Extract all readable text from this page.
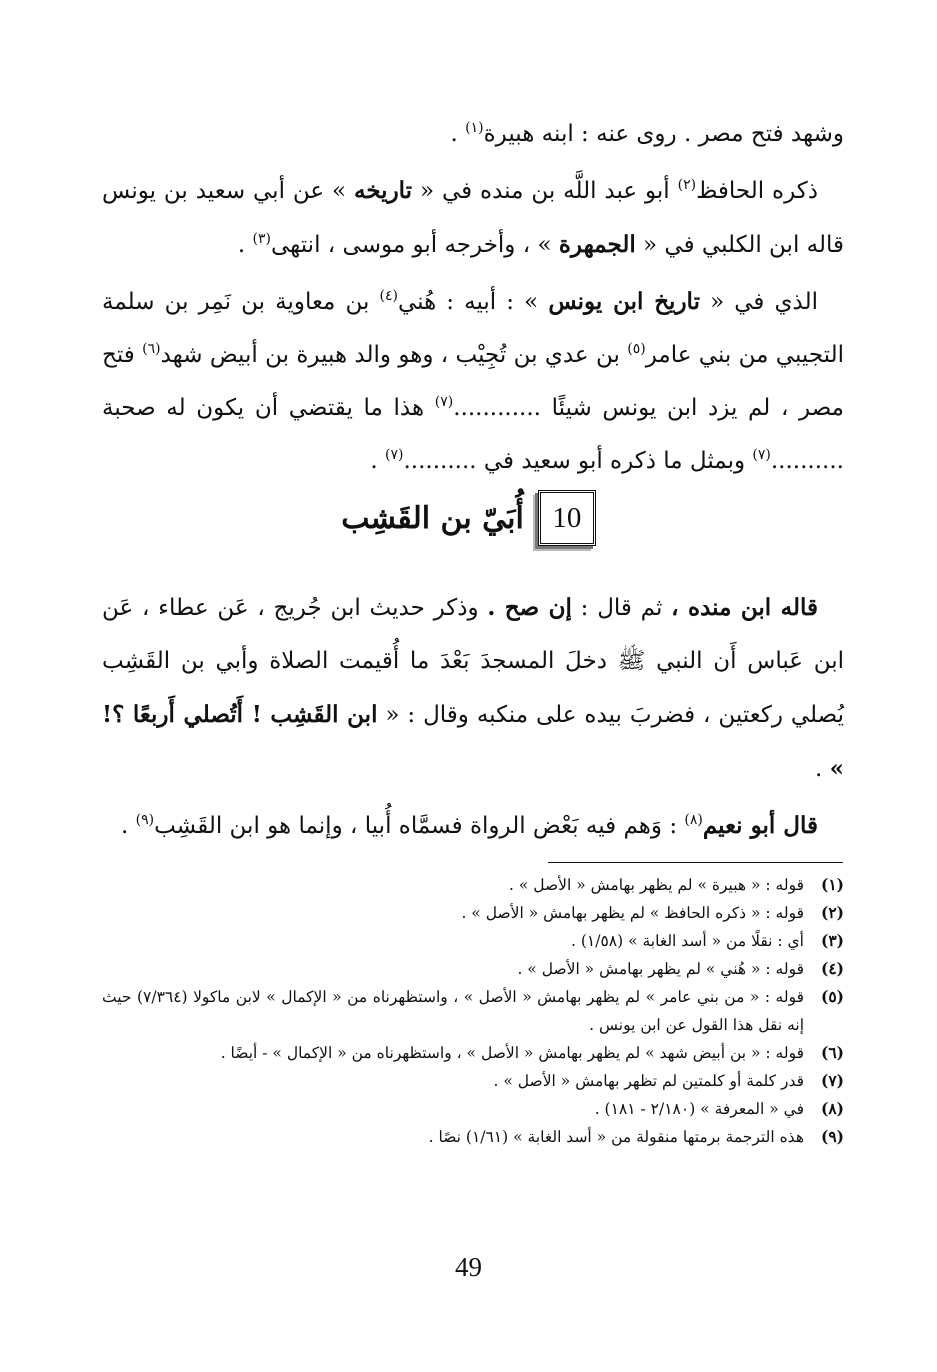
وشهد فتح مصر . روى عنه : ابنه هبيرة$^{(١)}$ .

ذكره الحافظ$^{(٢)}$ أبو عبد اللَّه بن منده في « تاريخه » عن أبي سعيد بن يونس قاله ابن الكلبي في « الجمهرة » ، وأخرجه أبو موسى ، انتهى$^{(٣)}$ .

الذي في « تاريخ ابن يونس » : أبيه : هُني$^{(٤)}$ بن معاوية بن نَمِر بن سلمة التجيبي من بني عامر$^{(٥)}$ بن عدي بن تُجِيْب ، وهو والد هبيرة بن أبيض شهد$^{(٦)}$ فتح مصر ، لم يزد ابن يونس شيئًا ............$^{(٧)}$ هذا ما يقتضي أن يكون له صحبة ..........$^{(٧)}$ وبمثل ما ذكره أبو سعيد في ..........$^{(٧)}$ .

10
أُبَيّ بن القَشِب

قاله ابن منده ، ثم قال : إن صح . وذكر حديث ابن جُريج ، عَن عطاء ، عَن ابن عَباس أَن النبي ﷺ دخلَ المسجدَ بَعْدَ ما أُقيمت الصلاة وأبي بن القَشِب يُصلي ركعتين ، فضربَ بيده على منكبه وقال : « ابن القَشِب ! أَتُصلي أَربعًا ؟! » .

قال أبو نعيم$^{(٨)}$ : وَهم فيه بَعْض الرواة فسمَّاه أُبيا ، وإنما هو ابن القَشِب$^{(٩)}$ .

(١)
قوله : « هبيرة » لم يظهر بهامش « الأصل » .
(٢)
قوله : « ذكره الحافظ » لم يظهر بهامش « الأصل » .
(٣)
أي : نقلًا من « أسد الغابة » (١/٥٨) .
(٤)
قوله : « هُني » لم يظهر بهامش « الأصل » .
(٥)
قوله : « من بني عامر » لم يظهر بهامش « الأصل » ، واستظهرناه من « الإكمال » لابن ماكولا (٧/٣٦٤) حيث إنه نقل هذا القول عن ابن يونس .
(٦)
قوله : « بن أبيض شهد » لم يظهر بهامش « الأصل » ، واستظهرناه من « الإكمال » - أيضًا .
(٧)
قدر كلمة أو كلمتين لم تظهر بهامش « الأصل » .
(٨)
في « المعرفة » (٢/١٨٠ - ١٨١) .
(٩)
هذه الترجمة برمتها منقولة من « أسد الغابة » (١/٦١) نصًا .
49
